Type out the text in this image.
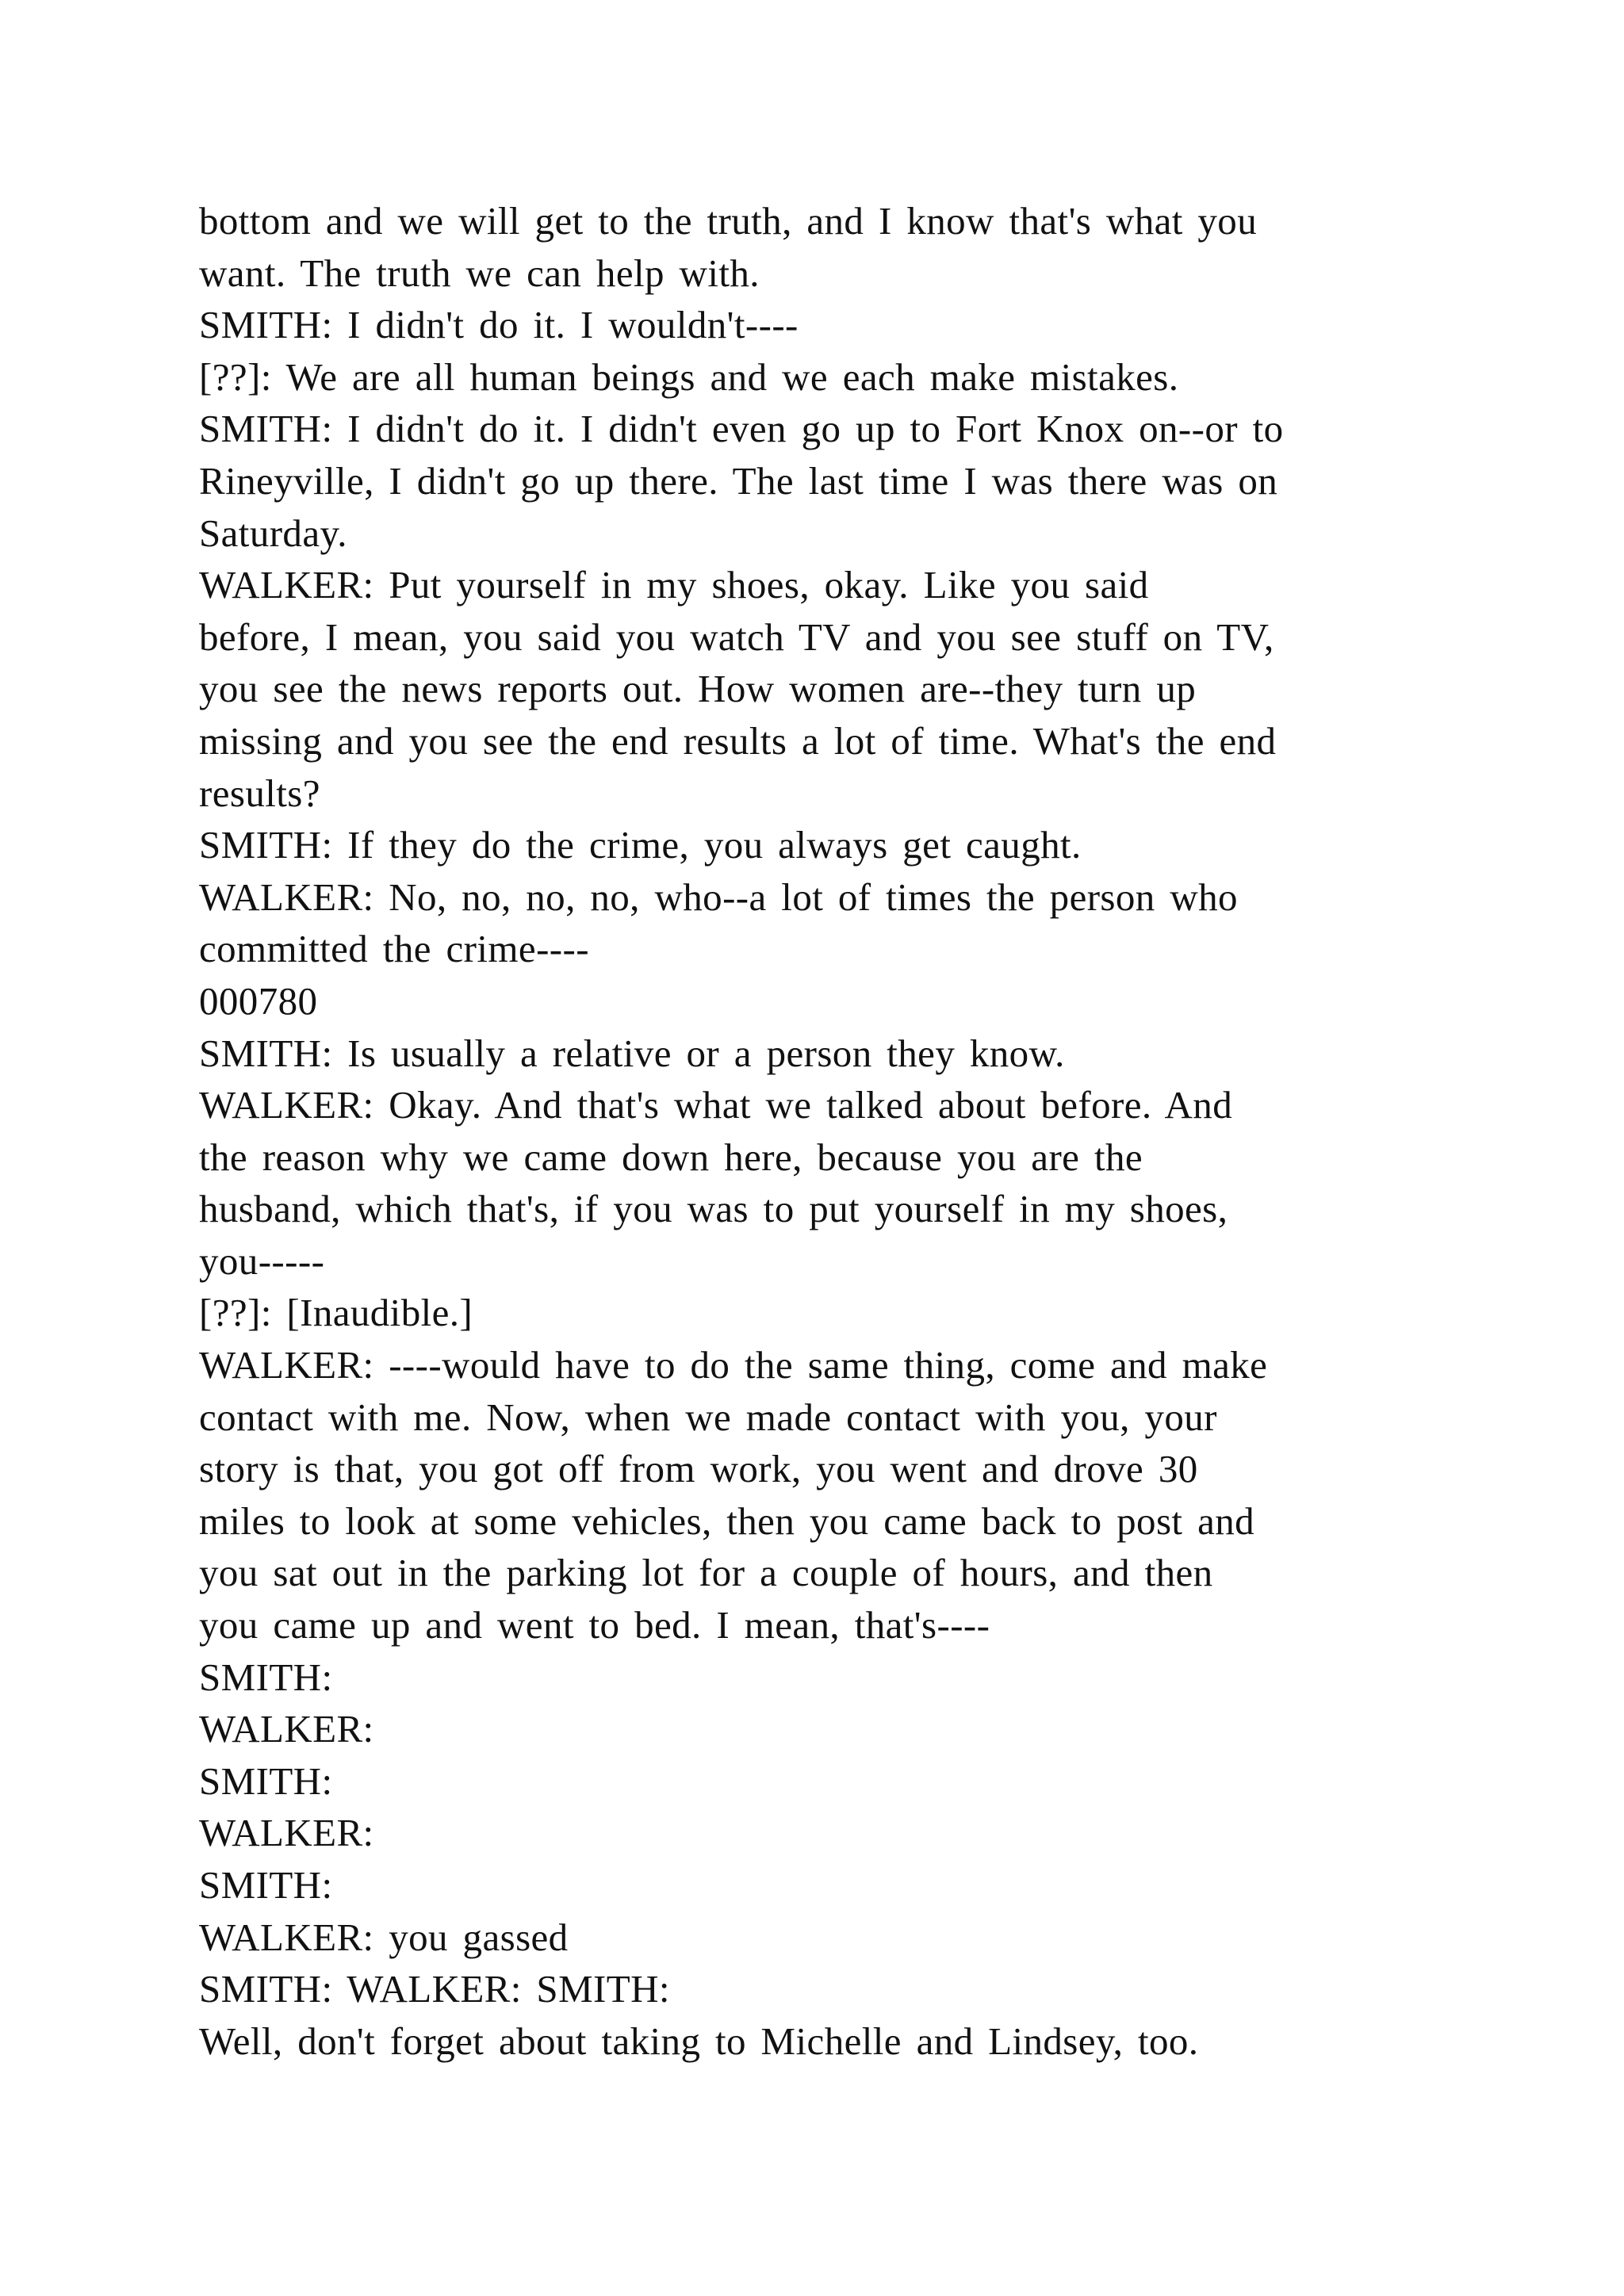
bottom and we will get to the truth, and I know that's what you
want. The truth we can help with.
SMITH: I didn't do it. I wouldn't----
[??]: We are all human beings and we each make mistakes.
SMITH: I didn't do it. I didn't even go up to Fort Knox on--or to
Rineyville, I didn't go up there. The last time I was there was on
Saturday.
WALKER: Put yourself in my shoes, okay. Like you said
before, I mean, you said you watch TV and you see stuff on TV,
you see the news reports out. How women are--they turn up
missing and you see the end results a lot of time. What's the end
results?
SMITH: If they do the crime, you always get caught.
WALKER: No, no, no, no, who--a lot of times the person who
committed the crime----
000780
SMITH: Is usually a relative or a person they know.
WALKER: Okay. And that's what we talked about before. And
the reason why we came down here, because you are the
husband, which that's, if you was to put yourself in my shoes,
you-----
[??]: [Inaudible.]
WALKER: ----would have to do the same thing, come and make
contact with me. Now, when we made contact with you, your
story is that, you got off from work, you went and drove 30
miles to look at some vehicles, then you came back to post and
you sat out in the parking lot for a couple of hours, and then
you came up and went to bed. I mean, that's----
SMITH:
WALKER:
SMITH:
WALKER:
SMITH:
WALKER: you gassed
SMITH: WALKER: SMITH:
Well, don't forget about taking to Michelle and Lindsey, too.
